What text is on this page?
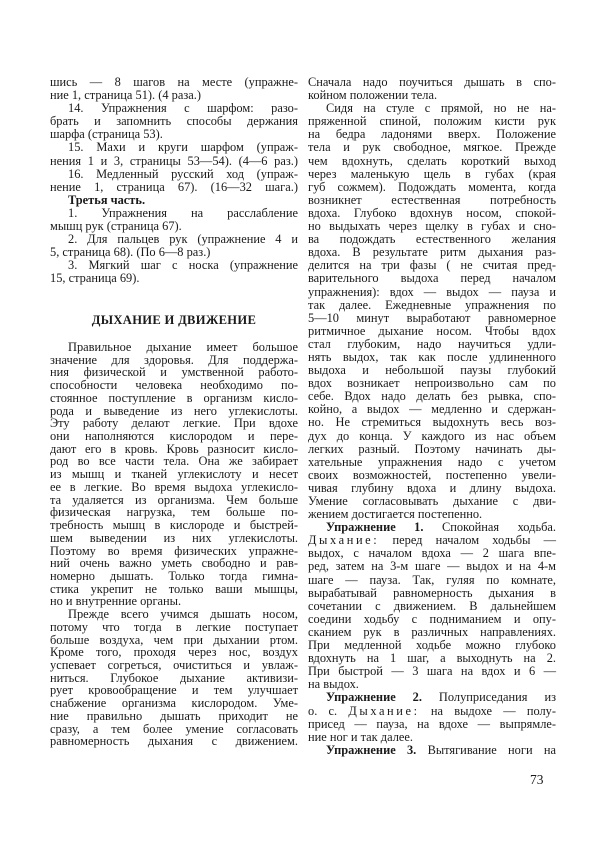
шись — 8 шагов на месте (упражне-
ние 1, страница 51). (4 раза.)
14. Упражнения с шарфом: разо-
брать и запомнить способы держания
шарфа (страница 53).
15. Махи и круги шарфом (упраж-
нения 1 и 3, страницы 53—54). (4—6 раз.)
16. Медленный русский ход (упраж-
нение 1, страница 67). (16—32 шага.)
Третья часть.
1. Упражнения на расслабление
мышц рук (страница 67).
2. Для пальцев рук (упражнение 4 и
5, страница 68). (По 6—8 раз.)
3. Мягкий шаг с носка (упражнение
15, страница 69).
ДЫХАНИЕ И ДВИЖЕНИЕ
Правильное дыхание имеет большое
значение для здоровья. Для поддержа-
ния физической и умственной работо-
способности человека необходимо по-
стоянное поступление в организм кисло-
рода и выведение из него углекислоты.
Эту работу делают легкие. При вдохе
они наполняются кислородом и пере-
дают его в кровь. Кровь разносит кисло-
род во все части тела. Она же забирает
из мышц и тканей углекислоту и несет
ее в легкие. Во время выдоха углекисло-
та удаляется из организма. Чем больше
физическая нагрузка, тем больше по-
требность мышц в кислороде и быстрей-
шем выведении из них углекислоты.
Поэтому во время физических упражне-
ний очень важно уметь свободно и рав-
номерно дышать. Только тогда гимна-
стика укрепит не только ваши мышцы,
но и внутренние органы.
Прежде всего учимся дышать носом,
потому что тогда в легкие поступает
больше воздуха, чем при дыхании ртом.
Кроме того, проходя через нос, воздух
успевает согреться, очиститься и увлаж-
ниться. Глубокое дыхание активизи-
рует кровообращение и тем улучшает
снабжение организма кислородом. Уме-
ние правильно дышать приходит не
сразу, а тем более умение согласовать
равномерность дыхания с движением.
Сначала надо поучиться дышать в спо-
койном положении тела.
Сидя на стуле с прямой, но не на-
пряженной спиной, положим кисти рук
на бедра ладонями вверх. Положение
тела и рук свободное, мягкое. Прежде
чем вдохнуть, сделать короткий выход
через маленькую щель в губах (края
губ сожмем). Подождать момента, когда
возникнет естественная потребность
вдоха. Глубоко вдохнув носом, спокой-
но выдыхать через щелку в губах и сно-
ва подождать естественного желания
вдоха. В результате ритм дыхания раз-
делится на три фазы ( не считая пред-
варительного выдоха перед началом
упражнения): вдох — выдох — пауза и
так далее. Ежедневные упражнения по
5—10 минут выработают равномерное
ритмичное дыхание носом. Чтобы вдох
стал глубоким, надо научиться удли-
нять выдох, так как после удлиненного
выдоха и небольшой паузы глубокий
вдох возникает непроизвольно сам по
себе. Вдох надо делать без рывка, спо-
койно, а выдох — медленно и сдержан-
но. Не стремиться выдохнуть весь воз-
дух до конца. У каждого из нас объем
легких разный. Поэтому начинать ды-
хательные упражнения надо с учетом
своих возможностей, постепенно увели-
чивая глубину вдоха и длину выдоха.
Умение согласовывать дыхание с дви-
жением достигается постепенно.
Упражнение 1. Спокойная ходьба.
Дыхание: перед началом ходьбы —
выдох, с началом вдоха — 2 шага впе-
ред, затем на 3-м шаге — выдох и на 4-м
шаге — пауза. Так, гуляя по комнате,
вырабатывай равномерность дыхания в
сочетании с движением. В дальнейшем
соедини ходьбу с подниманием и опу-
сканием рук в различных направлениях.
При медленной ходьбе можно глубоко
вдохнуть на 1 шаг, а выходнуть на 2.
При быстрой — 3 шага на вдох и 6 —
на выдох.
Упражнение 2. Полуприседания из
о. с. Дыхание: на выдохе — полу-
присед — пауза, на вдохе — выпрямле-
ние ног и так далее.
Упражнение 3. Вытягивание ноги на
73
